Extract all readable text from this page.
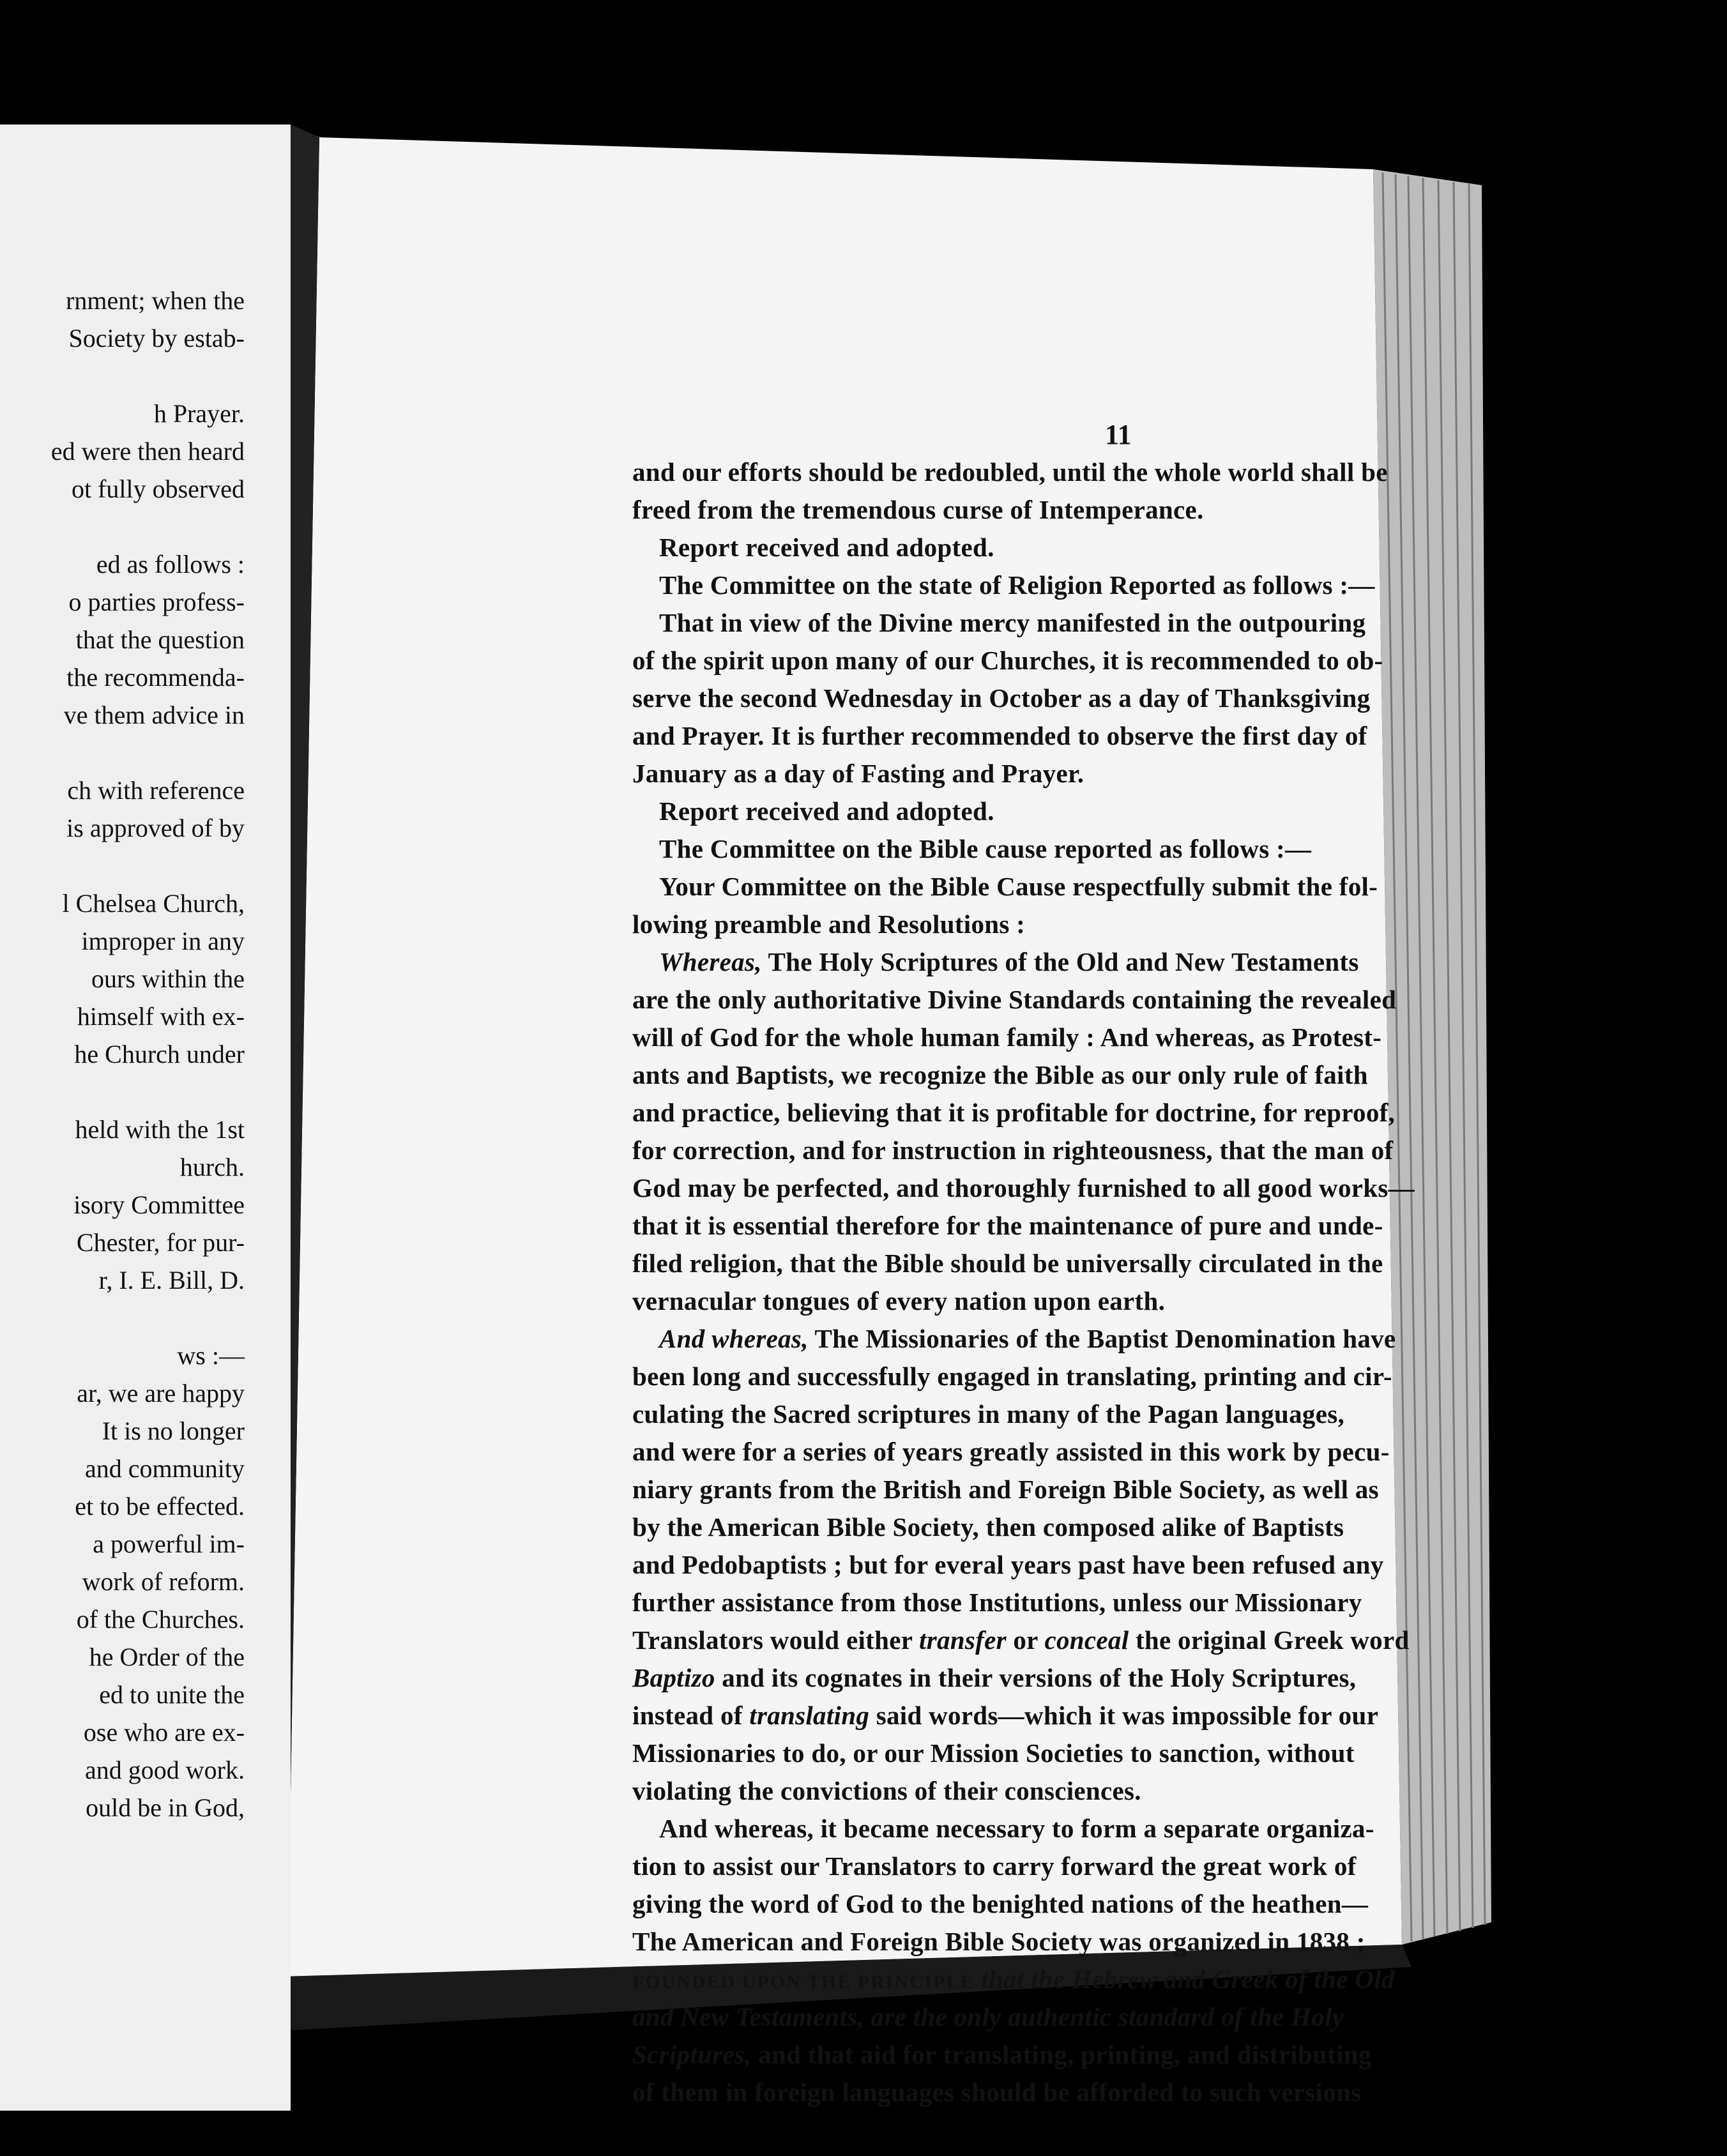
rnment; when the
Society by estab-
h Prayer.
ed were then heard
ot fully observed
ed as follows :
o parties profess-
that the question
the recommenda-
ve them advice in
ch with reference
is approved of by
l Chelsea Church,
improper in any
ours within the
himself with ex-
he Church under
held with the 1st
hurch.
isory Committee
Chester, for pur-
r, I. E. Bill, D.
ws :—
ar, we are happy
It is no longer
and community
et to be effected.
a powerful im-
work of reform.
of the Churches.
he Order of the
ed to unite the
ose who are ex-
and good work.
ould be in God,
11
and our efforts should be redoubled, until the whole world shall be
freed from the tremendous curse of Intemperance.
Report received and adopted.
The Committee on the state of Religion Reported as follows :—
That in view of the Divine mercy manifested in the outpouring
of the spirit upon many of our Churches, it is recommended to ob-
serve the second Wednesday in October as a day of Thanksgiving
and Prayer. It is further recommended to observe the first day of
January as a day of Fasting and Prayer.
Report received and adopted.
The Committee on the Bible cause reported as follows :—
Your Committee on the Bible Cause respectfully submit the fol-
lowing preamble and Resolutions :
Whereas, The Holy Scriptures of the Old and New Testaments
are the only authoritative Divine Standards containing the revealed
will of God for the whole human family : And whereas, as Protest-
ants and Baptists, we recognize the Bible as our only rule of faith
and practice, believing that it is profitable for doctrine, for reproof,
for correction, and for instruction in righteousness, that the man of
God may be perfected, and thoroughly furnished to all good works—
that it is essential therefore for the maintenance of pure and unde-
filed religion, that the Bible should be universally circulated in the
vernacular tongues of every nation upon earth.
And whereas, The Missionaries of the Baptist Denomination have
been long and successfully engaged in translating, printing and cir-
culating the Sacred scriptures in many of the Pagan languages,
and were for a series of years greatly assisted in this work by pecu-
niary grants from the British and Foreign Bible Society, as well as
by the American Bible Society, then composed alike of Baptists
and Pedobaptists ; but for everal years past have been refused any
further assistance from those Institutions, unless our Missionary
Translators would either transfer or conceal the original Greek word
Baptizo and its cognates in their versions of the Holy Scriptures,
instead of translating said words—which it was impossible for our
Missionaries to do, or our Mission Societies to sanction, without
violating the convictions of their consciences.
And whereas, it became necessary to form a separate organiza-
tion to assist our Translators to carry forward the great work of
giving the word of God to the benighted nations of the heathen—
The American and Foreign Bible Society was organized in 1838 ;
FOUNDED UPON THE PRINCIPLE that the Hebrew and Greek of the Old
and New Testaments, are the only authentic standard of the Holy
Scriptures, and that aid for translating, printing, and distributing
of them in foreign languages should be afforded to such versions
